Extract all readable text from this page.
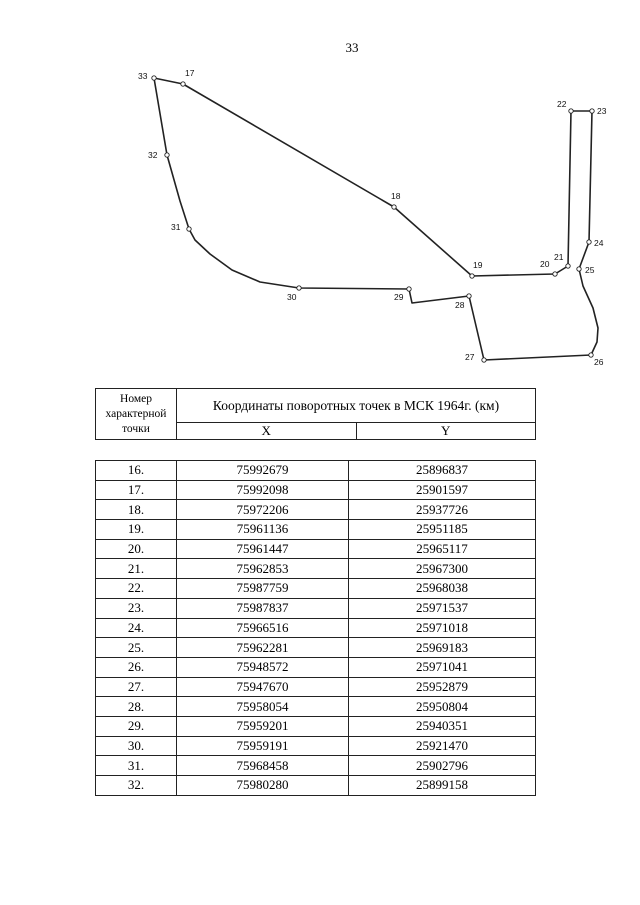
33
33	17
18
19	20
21
22
23
24
25
26
27
28
29
30
31
32
Номер характерной точки	Координаты поворотных точек в МСК 1964г. (км)	
	X	Y
16.	75992679	25896837
17.	75992098	25901597
18.	75972206	25937726
19.	75961136	25951185
20.	75961447	25965117
21.	75962853	25967300
22.	75987759	25968038
23.	75987837	25971537
24.	75966516	25971018
25.	75962281	25969183
26.	75948572	25971041
27.	75947670	25952879
28.	75958054	25950804
29.	75959201	25940351
30.	75959191	25921470
31.	75968458	25902796
32.	75980280	25899158
